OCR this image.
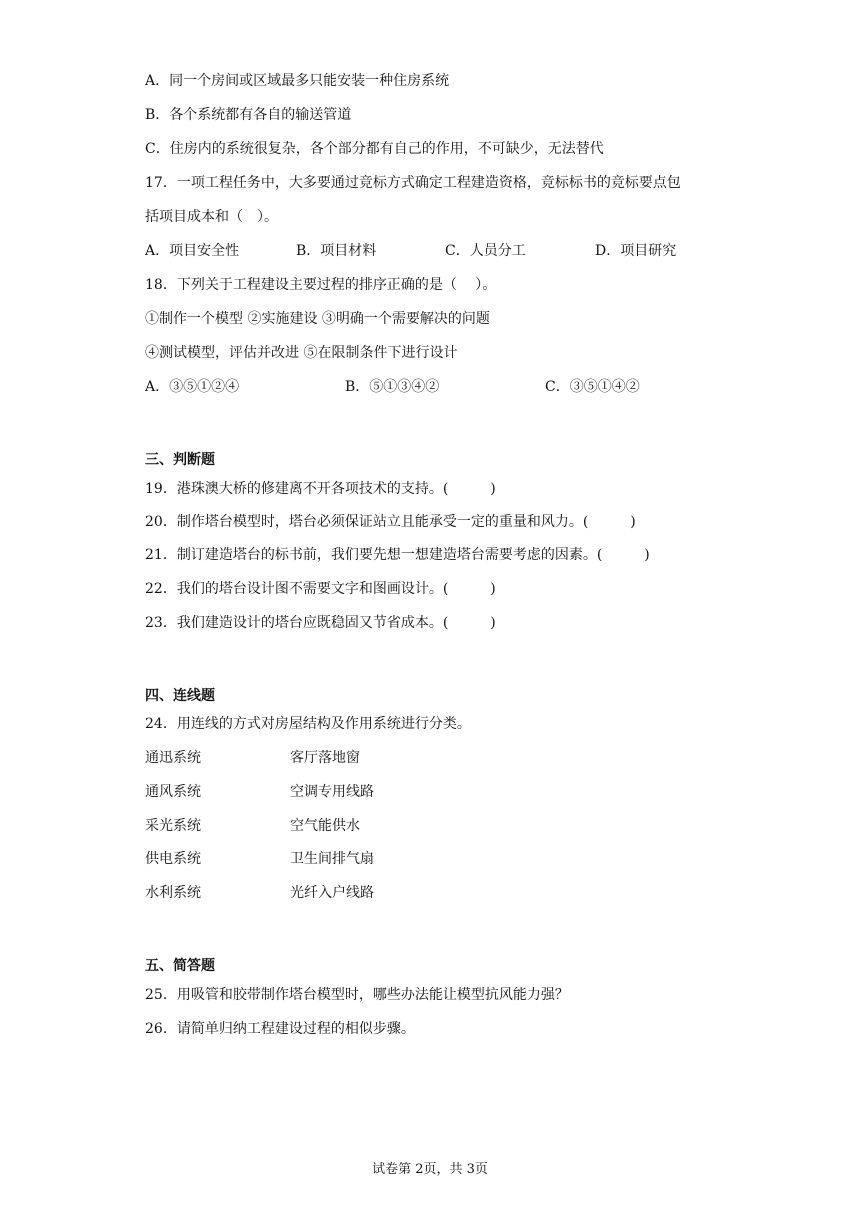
A．同一个房间或区域最多只能安装一种住房系统
B．各个系统都有各自的输送管道
C．住房内的系统很复杂，各个部分都有自己的作用，不可缺少，无法替代
17．一项工程任务中，大多要通过竞标方式确定工程建造资格，竞标标书的竞标要点包
括项目成本和（　）。
A．项目安全性	B．项目材料	C．人员分工	D．项目研究
18．下列关于工程建设主要过程的排序正确的是（　 ）。
①制作一个模型 ②实施建设 ③明确一个需要解决的问题
④测试模型，评估并改进 ⑤在限制条件下进行设计
A．③⑤①②④	B．⑤①③④②	C．③⑤①④②
三、判断题
19．港珠澳大桥的修建离不开各项技术的支持。(　　　)
20．制作塔台模型时，塔台必须保证站立且能承受一定的重量和风力。(　　　)
21．制订建造塔台的标书前，我们要先想一想建造塔台需要考虑的因素。(　　　)
22．我们的塔台设计图不需要文字和图画设计。(　　　)
23．我们建造设计的塔台应既稳固又节省成本。(　　　)
四、连线题
24．用连线的方式对房屋结构及作用系统进行分类。
通迅系统	客厅落地窗
通风系统	空调专用线路
采光系统	空气能供水
供电系统	卫生间排气扇
水利系统	光纤入户线路
五、简答题
25．用吸管和胶带制作塔台模型时，哪些办法能让模型抗风能力强？
26．请简单归纳工程建设过程的相似步骤。
试卷第 2页，共 3页
